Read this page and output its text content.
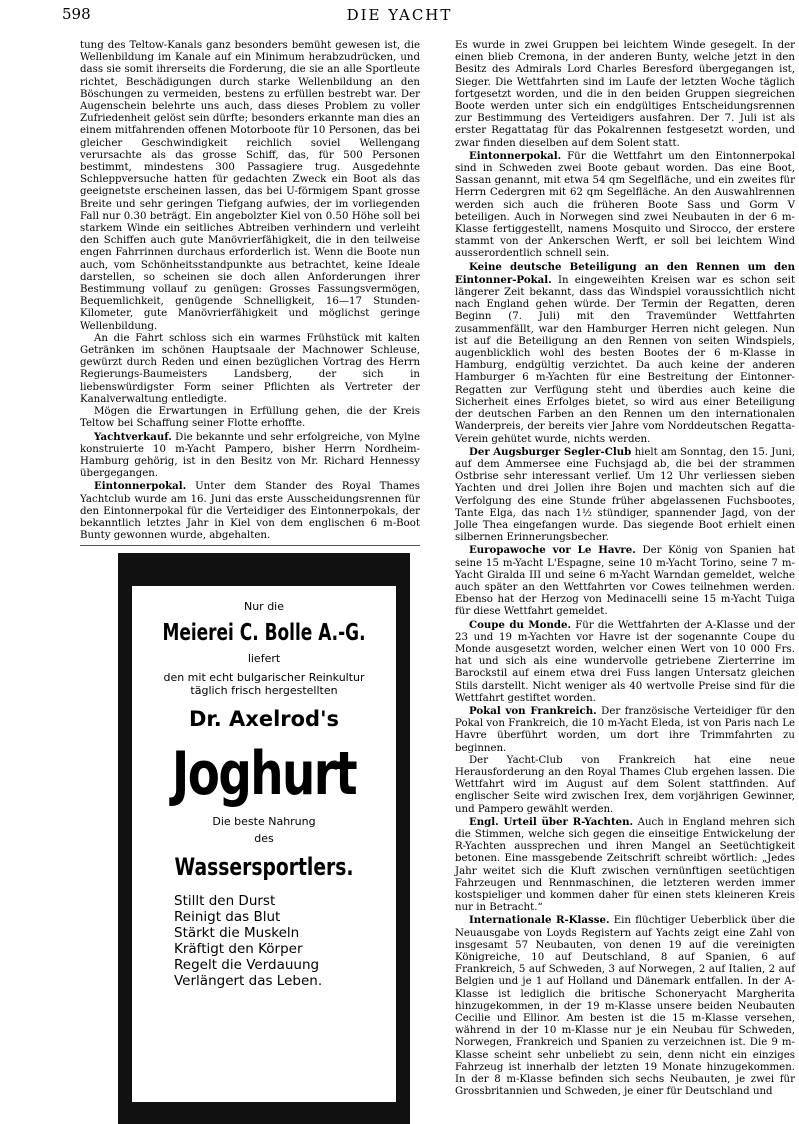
598	DIE YACHT

tung des Teltow-Kanals ganz besonders bemüht gewesen ist, die Wellenbildung im Kanale auf ein Minimum herabzudrücken, und dass sie somit ihrerseits die Forderung, die sie an alle Sportleute richtet, Beschädigungen durch starke Wellenbildung an den Böschungen zu vermeiden, bestens zu erfüllen bestrebt war. Der Augenschein belehrte uns auch, dass dieses Problem zu voller Zufriedenheit gelöst sein dürfte; besonders erkannte man dies an einem mitfahrenden offenen Motorboote für 10 Personen, das bei gleicher Geschwindigkeit reichlich soviel Wellengang verursachte als das grosse Schiff, das, für 500 Personen bestimmt, mindestens 300 Passagiere trug. Ausgedehnte Schleppversuche hatten für gedachten Zweck ein Boot als das geeignetste erscheinen lassen, das bei U-förmigem Spant grosse Breite und sehr geringen Tiefgang aufwies, der im vorliegenden Fall nur 0.30 beträgt. Ein angebolzter Kiel von 0.50 Höhe soll bei starkem Winde ein seitliches Abtreiben verhindern und verleiht den Schiffen auch gute Manövrierfähigkeit, die in den teilweise engen Fahrrinnen durchaus erforderlich ist. Wenn die Boote nun auch, vom Schönheitsstandpunkte aus betrachtet, keine Ideale darstellen, so scheinen sie doch allen Anforderungen ihrer Bestimmung vollauf zu genügen: Grosses Fassungsvermögen, Bequemlichkeit, genügende Schnelligkeit, 16—17 Stunden-Kilometer, gute Manövrierfähigkeit und möglichst geringe Wellenbildung.

An die Fahrt schloss sich ein warmes Frühstück mit kalten Getränken im schönen Hauptsaale der Machnower Schleuse, gewürzt durch Reden und einen bezüglichen Vortrag des Herrn Regierungs-Baumeisters Landsberg, der sich in liebenswürdigster Form seiner Pflichten als Vertreter der Kanalverwaltung entledigte.

Mögen die Erwartungen in Erfüllung gehen, die der Kreis Teltow bei Schaffung seiner Flotte erhoffte.

Yachtverkauf. Die bekannte und sehr erfolgreiche, von Mylne konstruierte 10 m-Yacht Pampero, bisher Herrn Nordheim-Hamburg gehörig, ist in den Besitz von Mr. Richard Hennessy übergegangen.

Eintonnerpokal. Unter dem Stander des Royal Thames Yachtclub wurde am 16. Juni das erste Ausscheidungsrennen für den Eintonnerpokal für die Verteidiger des Eintonnerpokals, der bekanntlich letztes Jahr in Kiel von dem englischen 6 m-Boot Bunty gewonnen wurde, abgehalten.

Es wurde in zwei Gruppen bei leichtem Winde gesegelt. In der einen blieb Cremona, in der anderen Bunty, welche jetzt in den Besitz des Admirals Lord Charles Beresford übergegangen ist, Sieger. Die Wettfahrten sind im Laufe der letzten Woche täglich fortgesetzt worden, und die in den beiden Gruppen siegreichen Boote werden unter sich ein endgültiges Entscheidungsrennen zur Bestimmung des Verteidigers ausfahren. Der 7. Juli ist als erster Regattatag für das Pokalrennen festgesetzt worden, und zwar finden dieselben auf dem Solent statt.

Eintonnerpokal. Für die Wettfahrt um den Eintonnerpokal sind in Schweden zwei Boote gebaut worden. Das eine Boot, Sassan genannt, mit etwa 54 qm Segelfläche, und ein zweites für Herrn Cedergren mit 62 qm Segelfläche. An den Auswahlrennen werden sich auch die früheren Boote Sass und Gorm V beteiligen. Auch in Norwegen sind zwei Neubauten in der 6 m-Klasse fertiggestellt, namens Mosquito und Sirocco, der erstere stammt von der Ankerschen Werft, er soll bei leichtem Wind ausserordentlich schnell sein.

Keine deutsche Beteiligung an den Rennen um den Eintonner-Pokal. In eingeweihten Kreisen war es schon seit längerer Zeit bekannt, dass das Windspiel voraussichtlich nicht nach England gehen würde. Der Termin der Regatten, deren Beginn (7. Juli) mit den Travemünder Wettfahrten zusammenfällt, war den Hamburger Herren nicht gelegen. Nun ist auf die Beteiligung an den Rennen von seiten Windspiels, augenblicklich wohl des besten Bootes der 6 m-Klasse in Hamburg, endgültig verzichtet. Da auch keine der anderen Hamburger 6 m-Yachten für eine Bestreitung der Eintonner-Regatten zur Verfügung steht und überdies auch keine die Sicherheit eines Erfolges bietet, so wird aus einer Beteiligung der deutschen Farben an den Rennen um den internationalen Wanderpreis, der bereits vier Jahre vom Norddeutschen Regatta-Verein gehütet wurde, nichts werden.

Der Augsburger Segler-Club hielt am Sonntag, den 15. Juni, auf dem Ammersee eine Fuchsjagd ab, die bei der strammen Ostbrise sehr interessant verlief. Um 12 Uhr verliessen sieben Yachten und drei Jollen ihre Bojen und machten sich auf die Verfolgung des eine Stunde früher abgelassenen Fuchsbootes, Tante Elga, das nach 1½ stündiger, spannender Jagd, von der Jolle Thea eingefangen wurde. Das siegende Boot erhielt einen silbernen Erinnerungsbecher.

Europawoche vor Le Havre. Der König von Spanien hat seine 15 m-Yacht L'Espagne, seine 10 m-Yacht Torino, seine 7 m-Yacht Giralda III und seine 6 m-Yacht Warndan gemeldet, welche auch später an den Wettfahrten vor Cowes teilnehmen werden. Ebenso hat der Herzog von Medinacelli seine 15 m-Yacht Tuiga für diese Wettfahrt gemeldet.

Coupe du Monde. Für die Wettfahrten der A-Klasse und der 23 und 19 m-Yachten vor Havre ist der sogenannte Coupe du Monde ausgesetzt worden, welcher einen Wert von 10 000 Frs. hat und sich als eine wundervolle getriebene Zierterrine im Barockstil auf einem etwa drei Fuss langen Untersatz gleichen Stils darstellt. Nicht weniger als 40 wertvolle Preise sind für die Wettfahrt gestiftet worden.

Pokal von Frankreich. Der französische Verteidiger für den Pokal von Frankreich, die 10 m-Yacht Eleda, ist von Paris nach Le Havre überführt worden, um dort ihre Trimmfahrten zu beginnen.

Der Yacht-Club von Frankreich hat eine neue Herausforderung an den Royal Thames Club ergehen lassen. Die Wettfahrt wird im August auf dem Solent stattfinden. Auf englischer Seite wird zwischen Irex, dem vorjährigen Gewinner, und Pampero gewählt werden.

Engl. Urteil über R-Yachten. Auch in England mehren sich die Stimmen, welche sich gegen die einseitige Entwickelung der R-Yachten aussprechen und ihren Mangel an Seetüchtigkeit betonen. Eine massgebende Zeitschrift schreibt wörtlich: „Jedes Jahr weitet sich die Kluft zwischen vernünftigen seetüchtigen Fahrzeugen und Rennmaschinen, die letzteren werden immer kostspieliger und kommen daher für einen stets kleineren Kreis nur in Betracht.“

Internationale R-Klasse. Ein flüchtiger Ueberblick über die Neuausgabe von Loyds Registern auf Yachts zeigt eine Zahl von insgesamt 57 Neubauten, von denen 19 auf die vereinigten Königreiche, 10 auf Deutschland, 8 auf Spanien, 6 auf Frankreich, 5 auf Schweden, 3 auf Norwegen, 2 auf Italien, 2 auf Belgien und je 1 auf Holland und Dänemark entfallen. In der A-Klasse ist lediglich die britische Schoneryacht Margherita hinzugekommen, in der 19 m-Klasse unsere beiden Neubauten Cecilie und Ellinor. Am besten ist die 15 m-Klasse versehen, während in der 10 m-Klasse nur je ein Neubau für Schweden, Norwegen, Frankreich und Spanien zu verzeichnen ist. Die 9 m-Klasse scheint sehr unbeliebt zu sein, denn nicht ein einziges Fahrzeug ist innerhalb der letzten 19 Monate hinzugekommen. In der 8 m-Klasse befinden sich sechs Neubauten, je zwei für Grossbritannien und Schweden, je einer für Deutschland und

Nur die
Meierei C. Bolle A.-G.
liefert
den mit echt bulgarischer Reinkultur
täglich frisch hergestellten
Dr. Axelrod's
Joghurt
Die beste Nahrung
des
Wassersportlers.
Stillt den Durst
Reinigt das Blut
Stärkt die Muskeln
Kräftigt den Körper
Regelt die Verdauung
Verlängert das Leben.
